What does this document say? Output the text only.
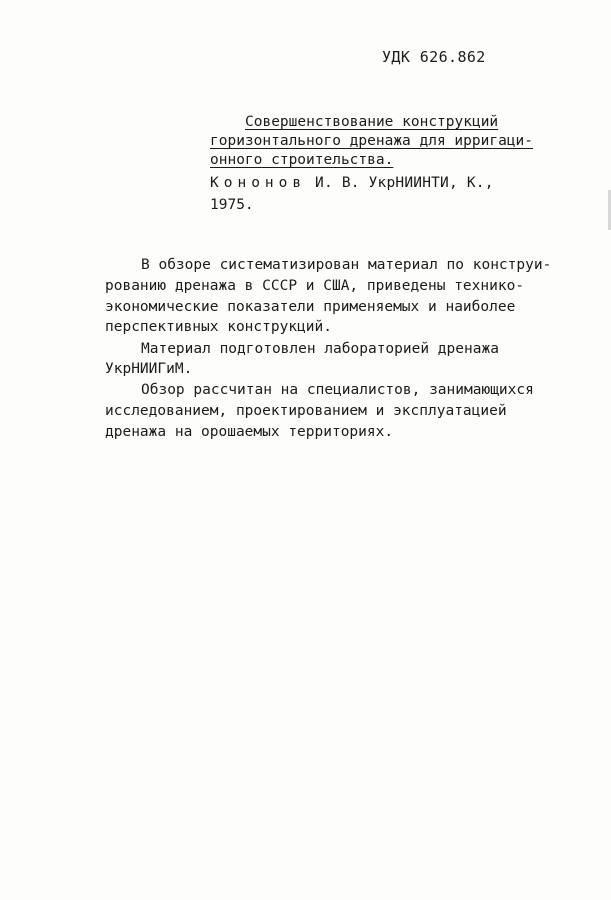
УДК 626.862
Совершенствование конструкций
горизонтального дренажа для ирригаци-
онного строительства.
Кононов И. В. УкрНИИНТИ, К.,
1975.
В обзоре систематизирован материал по конструи-
рованию дренажа в СССР и США, приведены технико-
экономические показатели применяемых и наиболее
перспективных конструкций.
Материал подготовлен лабораторией дренажа
УкрНИИГиМ.
Обзор рассчитан на специалистов, занимающихся
исследованием, проектированием и эксплуатацией
дренажа на орошаемых территориях.
